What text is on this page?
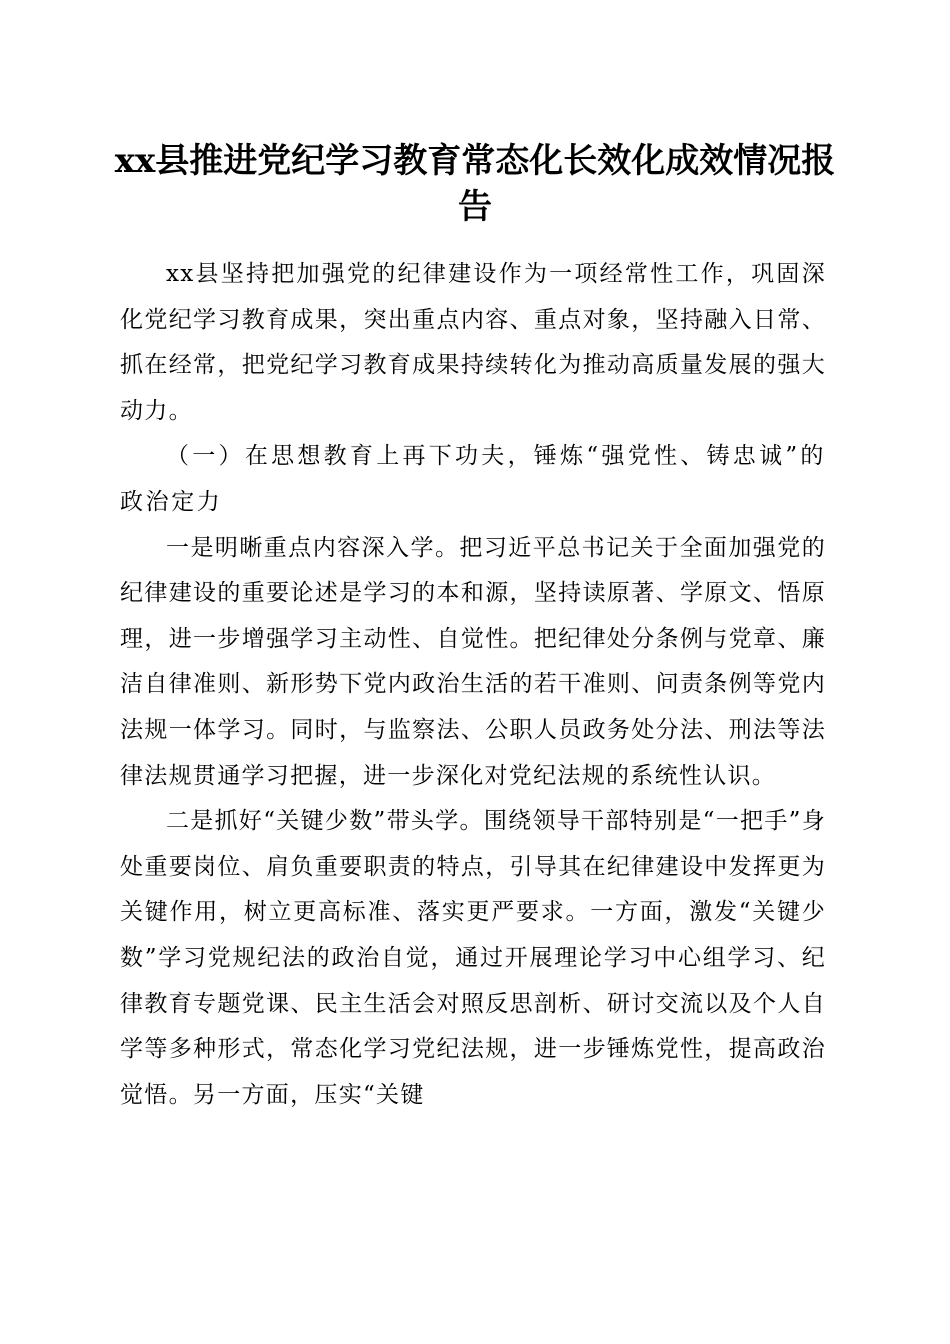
xx县推进党纪学习教育常态化长效化成效情况报告

xx县坚持把加强党的纪律建设作为一项经常性工作，巩固深化党纪学习教育成果，突出重点内容、重点对象，坚持融入日常、抓在经常，把党纪学习教育成果持续转化为推动高质量发展的强大动力。

（一）在思想教育上再下功夫，锤炼“强党性、铸忠诚”的政治定力

一是明晰重点内容深入学。把习近平总书记关于全面加强党的纪律建设的重要论述是学习的本和源，坚持读原著、学原文、悟原理，进一步增强学习主动性、自觉性。把纪律处分条例与党章、廉洁自律准则、新形势下党内政治生活的若干准则、问责条例等党内法规一体学习。同时，与监察法、公职人员政务处分法、刑法等法律法规贯通学习把握，进一步深化对党纪法规的系统性认识。

二是抓好“关键少数”带头学。围绕领导干部特别是“一把手”身处重要岗位、肩负重要职责的特点，引导其在纪律建设中发挥更为关键作用，树立更高标准、落实更严要求。一方面，激发“关键少数”学习党规纪法的政治自觉，通过开展理论学习中心组学习、纪律教育专题党课、民主生活会对照反思剖析、研讨交流以及个人自学等多种形式，常态化学习党纪法规，进一步锤炼党性，提高政治觉悟。另一方面，压实“关键
